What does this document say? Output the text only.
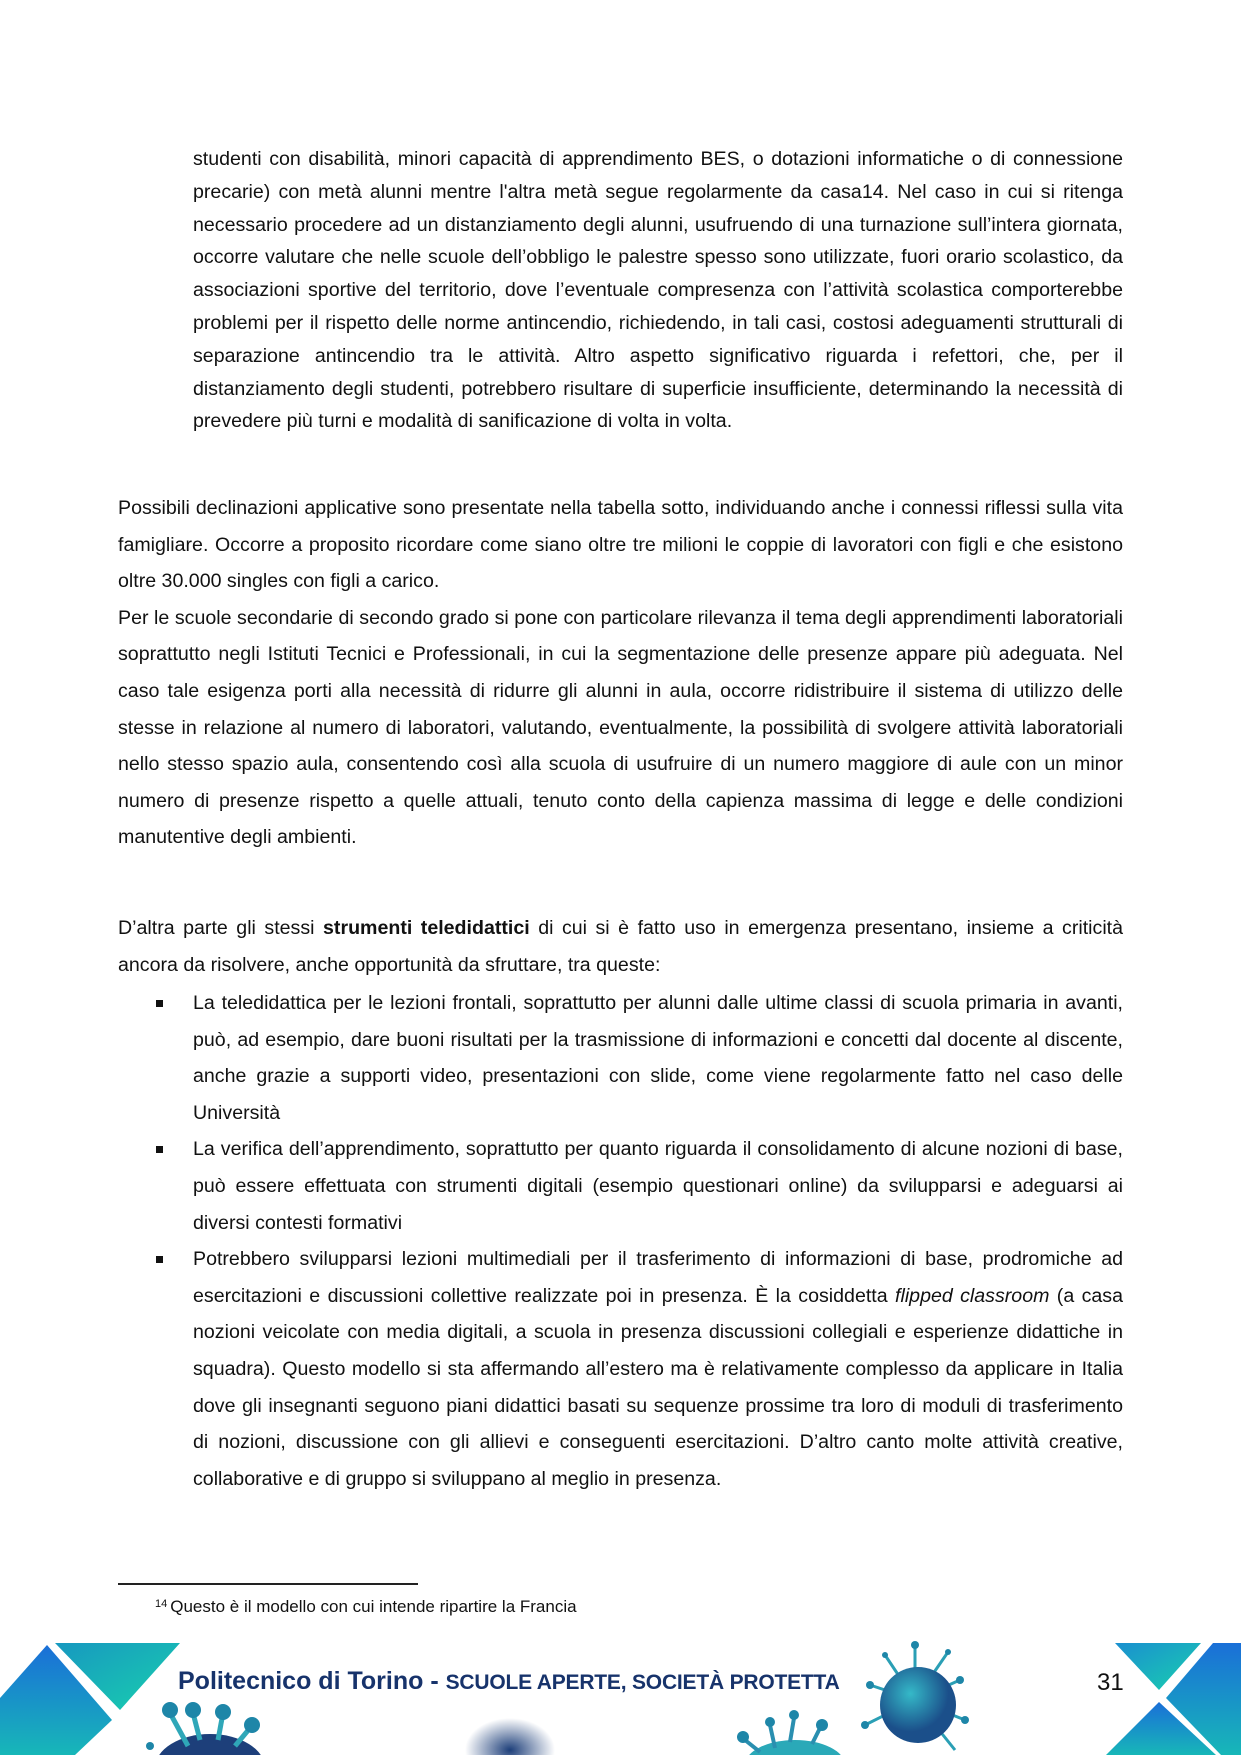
studenti con disabilità, minori capacità di apprendimento BES, o dotazioni informatiche o di connessione precarie) con metà alunni mentre l'altra metà segue regolarmente da casa14. Nel caso in cui si ritenga necessario procedere ad un distanziamento degli alunni, usufruendo di una turnazione sull’intera giornata, occorre valutare che nelle scuole dell’obbligo le palestre spesso sono utilizzate, fuori orario scolastico, da associazioni sportive del territorio, dove l’eventuale compresenza con l’attività scolastica comporterebbe problemi per il rispetto delle norme antincendio, richiedendo, in tali casi, costosi adeguamenti strutturali di separazione antincendio tra le attività. Altro aspetto significativo riguarda i refettori, che, per il distanziamento degli studenti, potrebbero risultare di superficie insufficiente, determinando la necessità di prevedere più turni e modalità di sanificazione di volta in volta.
Possibili declinazioni applicative sono presentate nella tabella sotto, individuando anche i connessi riflessi sulla vita famigliare. Occorre a proposito ricordare come siano oltre tre milioni le coppie di lavoratori con figli e che esistono oltre 30.000 singles con figli a carico.
Per le scuole secondarie di secondo grado si pone con particolare rilevanza il tema degli apprendimenti laboratoriali soprattutto negli Istituti Tecnici e Professionali, in cui la segmentazione delle presenze appare più adeguata. Nel caso tale esigenza porti alla necessità di ridurre gli alunni in aula, occorre ridistribuire il sistema di utilizzo delle stesse in relazione al numero di laboratori, valutando, eventualmente, la possibilità di svolgere attività laboratoriali nello stesso spazio aula, consentendo così alla scuola di usufruire di un numero maggiore di aule con un minor numero di presenze rispetto a quelle attuali, tenuto conto della capienza massima di legge e delle condizioni manutentive degli ambienti.
D’altra parte gli stessi strumenti teledidattici di cui si è fatto uso in emergenza presentano, insieme a criticità ancora da risolvere, anche opportunità da sfruttare, tra queste:
La teledidattica per le lezioni frontali, soprattutto per alunni dalle ultime classi di scuola primaria in avanti, può, ad esempio, dare buoni risultati per la trasmissione di informazioni e concetti dal docente al discente, anche grazie a supporti video, presentazioni con slide, come viene regolarmente fatto nel caso delle Università
La verifica dell’apprendimento, soprattutto per quanto riguarda il consolidamento di alcune nozioni di base, può essere effettuata con strumenti digitali (esempio questionari online) da svilupparsi e adeguarsi ai diversi contesti formativi
Potrebbero svilupparsi lezioni multimediali per il trasferimento di informazioni di base, prodromiche ad esercitazioni e discussioni collettive realizzate poi in presenza. È la cosiddetta flipped classroom (a casa nozioni veicolate con media digitali, a scuola in presenza discussioni collegiali e esperienze didattiche in squadra). Questo modello si sta affermando all’estero ma è relativamente complesso da applicare in Italia dove gli insegnanti seguono piani didattici basati su sequenze prossime tra loro di moduli di trasferimento di nozioni, discussione con gli allievi e conseguenti esercitazioni. D’altro canto molte attività creative, collaborative e di gruppo si sviluppano al meglio in presenza.
$^{14}$ Questo è il modello con cui intende ripartire la Francia
Politecnico di Torino - SCUOLE APERTE, SOCIETÀ PROTETTA	31
